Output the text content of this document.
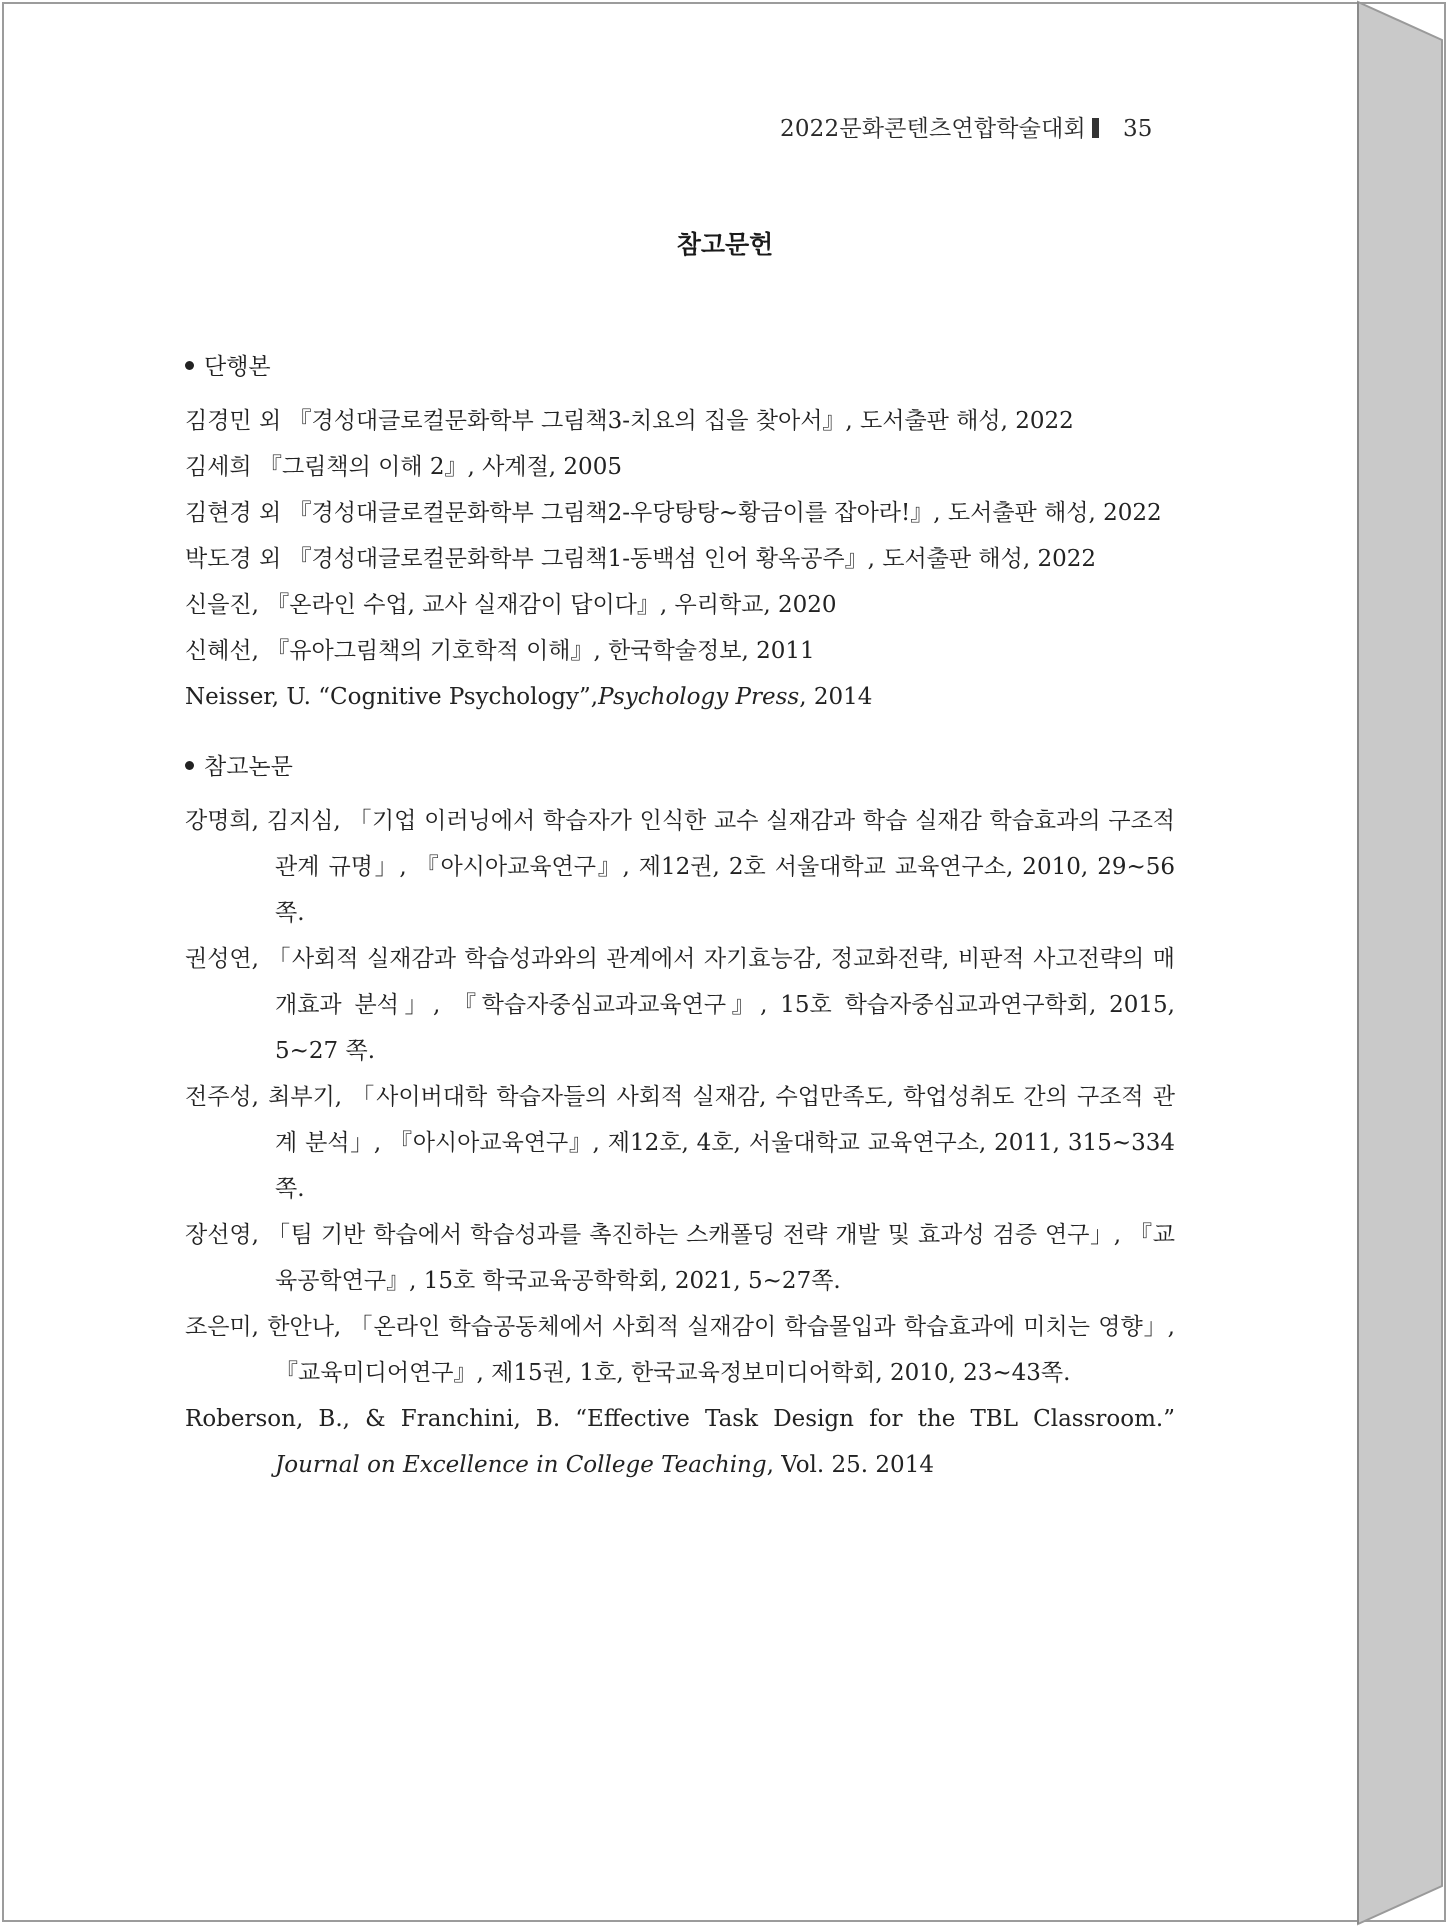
2022문화콘텐츠연합학술대회 35
참고문헌
단행본
김경민 외 『경성대글로컬문화학부 그림책3-치요의 집을 찾아서』, 도서출판 해성, 2022
김세희 『그림책의 이해 2』, 사계절, 2005
김현경 외 『경성대글로컬문화학부 그림책2-우당탕탕~황금이를 잡아라!』, 도서출판 해성, 2022
박도경 외 『경성대글로컬문화학부 그림책1-동백섬 인어 황옥공주』, 도서출판 해성, 2022
신을진, 『온라인 수업, 교사 실재감이 답이다』, 우리학교, 2020
신혜선, 『유아그림책의 기호학적 이해』, 한국학술정보, 2011
Neisser, U. “Cognitive Psychology”,Psychology Press, 2014
참고논문
강명희, 김지심, 「기업 이러닝에서 학습자가 인식한 교수 실재감과 학습 실재감 학습효과의 구조적 관계 규명」, 『아시아교육연구』, 제12권, 2호 서울대학교 교육연구소, 2010, 29~56쪽.
권성연, 「사회적 실재감과 학습성과와의 관계에서 자기효능감, 정교화전략, 비판적 사고전략의 매개효과 분석」, 『학습자중심교과교육연구』, 15호 학습자중심교과연구학회, 2015, 5~27 쪽.
전주성, 최부기, 「사이버대학 학습자들의 사회적 실재감, 수업만족도, 학업성취도 간의 구조적 관계 분석」, 『아시아교육연구』, 제12호, 4호, 서울대학교 교육연구소, 2011, 315~334쪽.
장선영, 「팀 기반 학습에서 학습성과를 촉진하는 스캐폴딩 전략 개발 및 효과성 검증 연구」, 『교육공학연구』, 15호 학국교육공학학회, 2021, 5~27쪽.
조은미, 한안나, 「온라인 학습공동체에서 사회적 실재감이 학습몰입과 학습효과에 미치는 영향」, 『교육미디어연구』, 제15권, 1호, 한국교육정보미디어학회, 2010, 23~43쪽.
Roberson, B., & Franchini, B. “Effective Task Design for the TBL Classroom.” Journal on Excellence in College Teaching, Vol. 25. 2014
